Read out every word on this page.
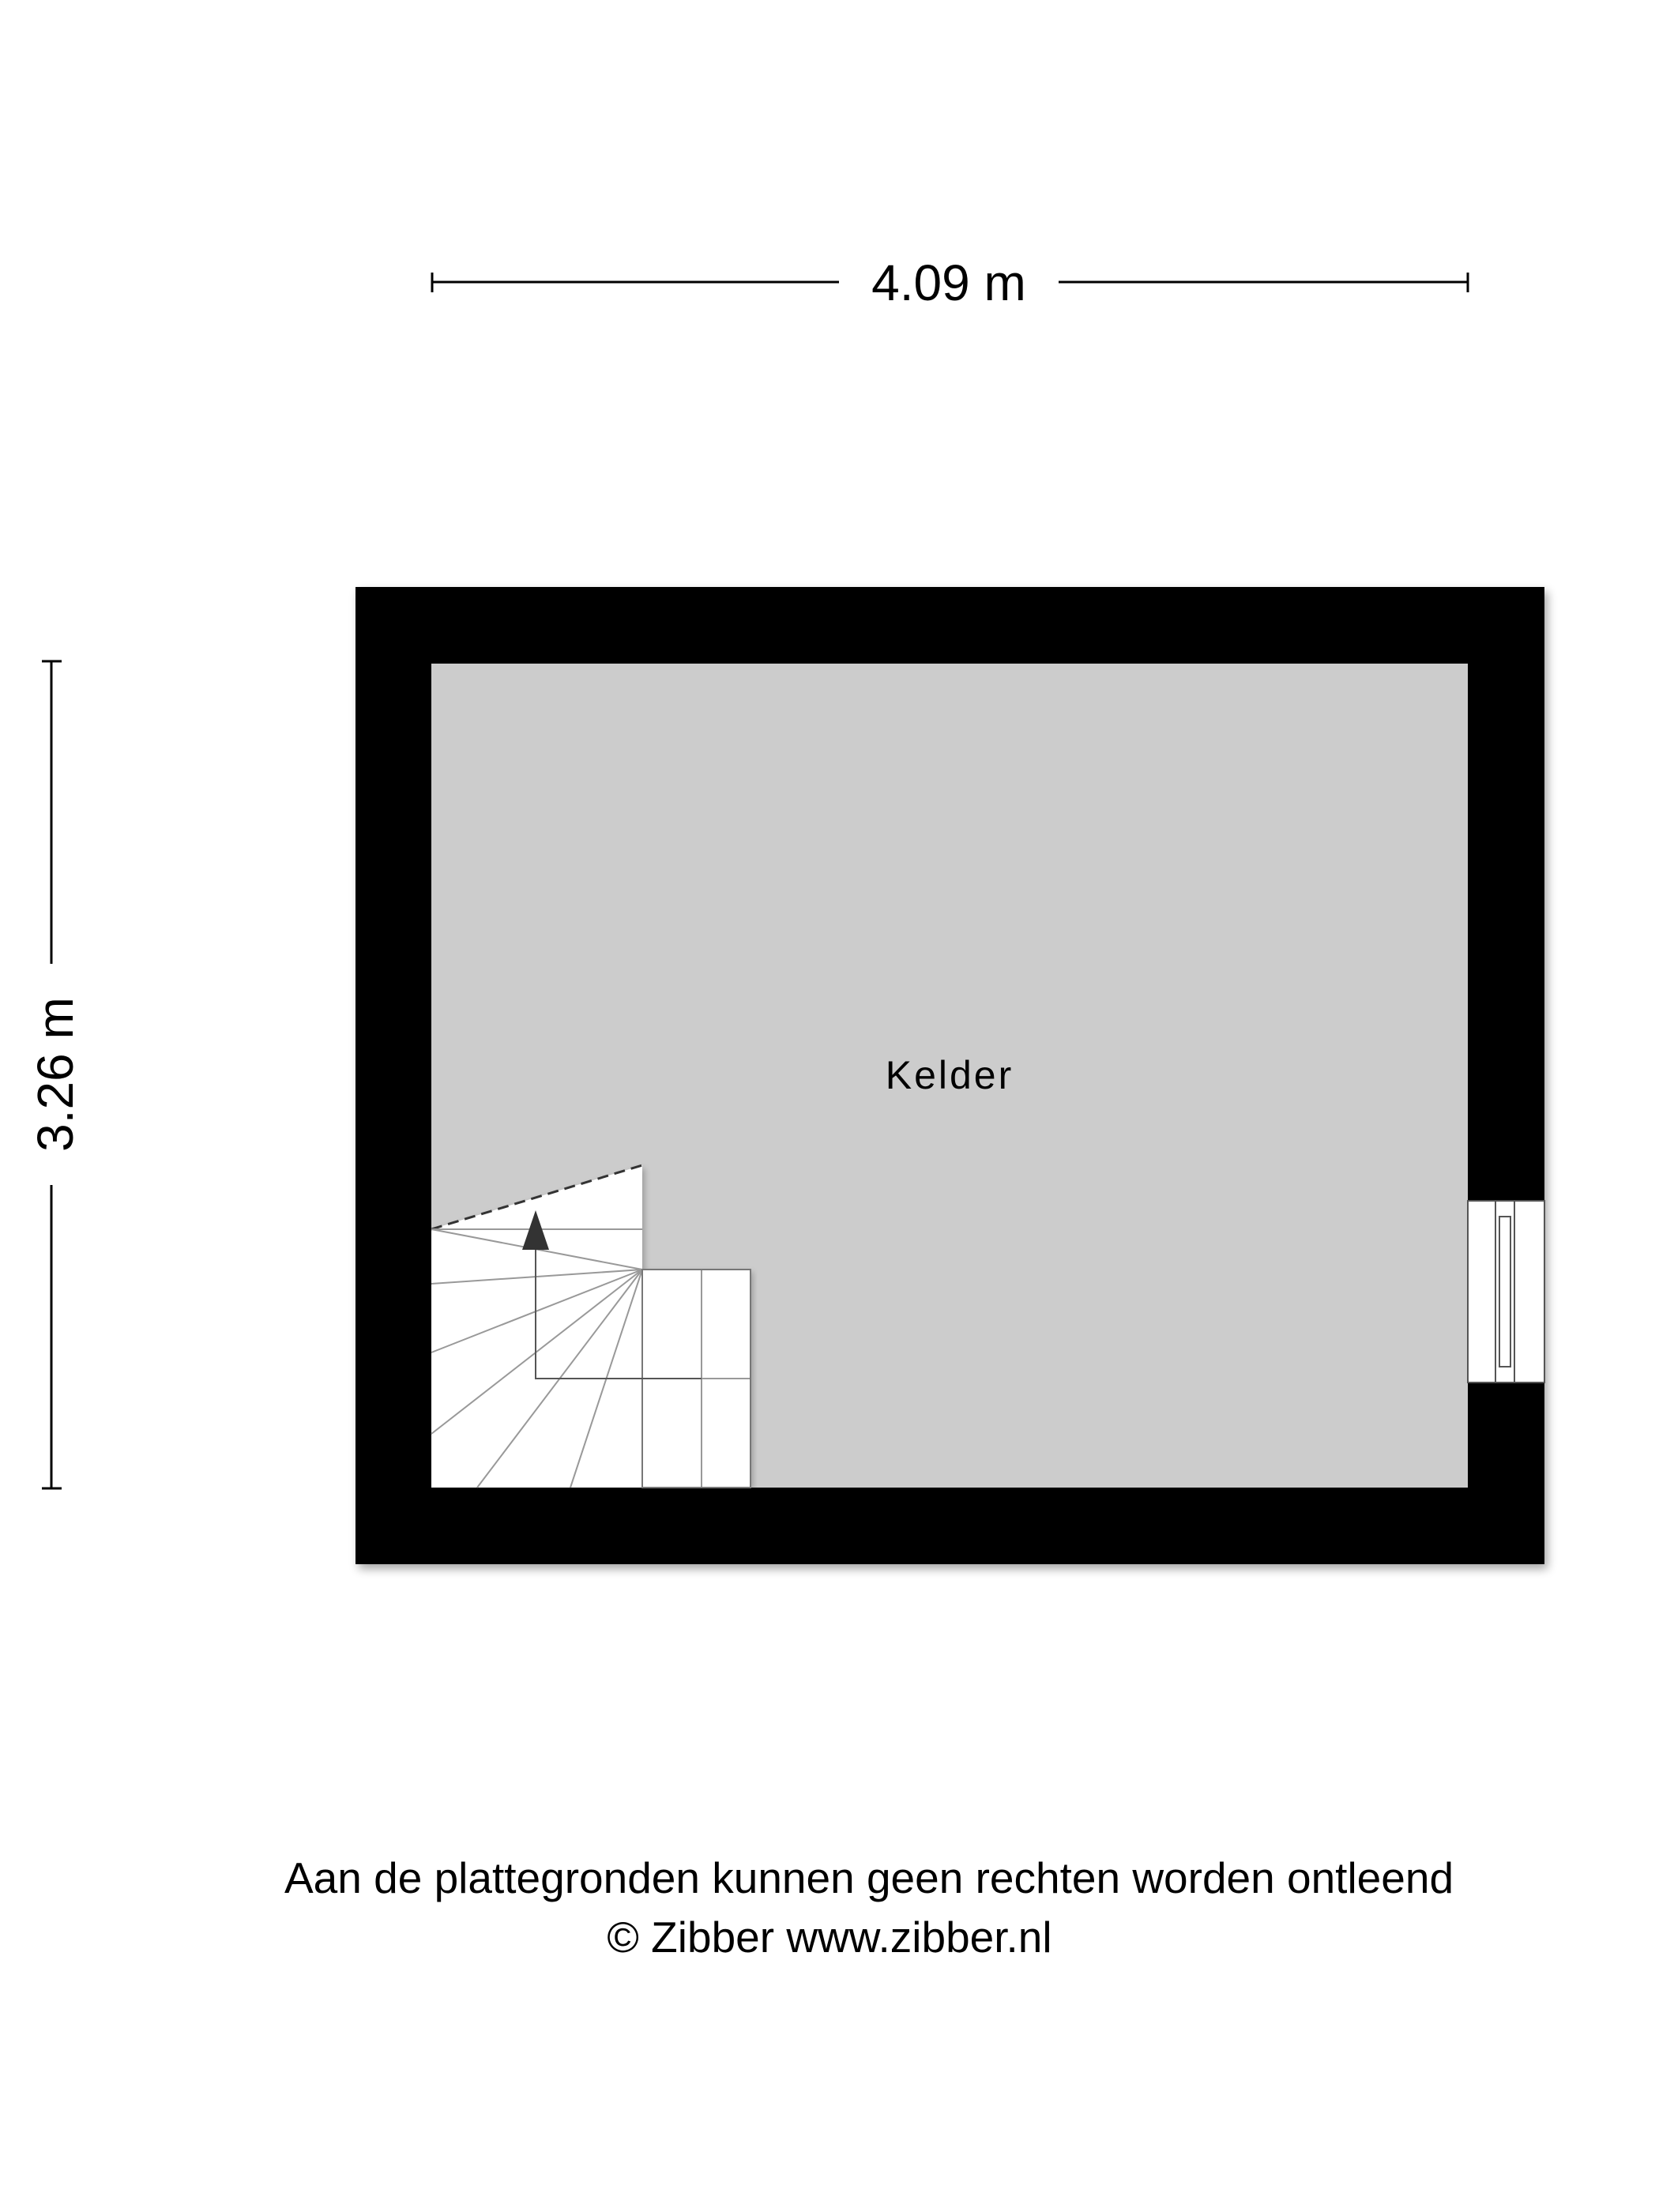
4.09 m
3.26 m	Kelder
Aan de plattegronden kunnen geen rechten worden ontleend
© Zibber www.zibber.nl
